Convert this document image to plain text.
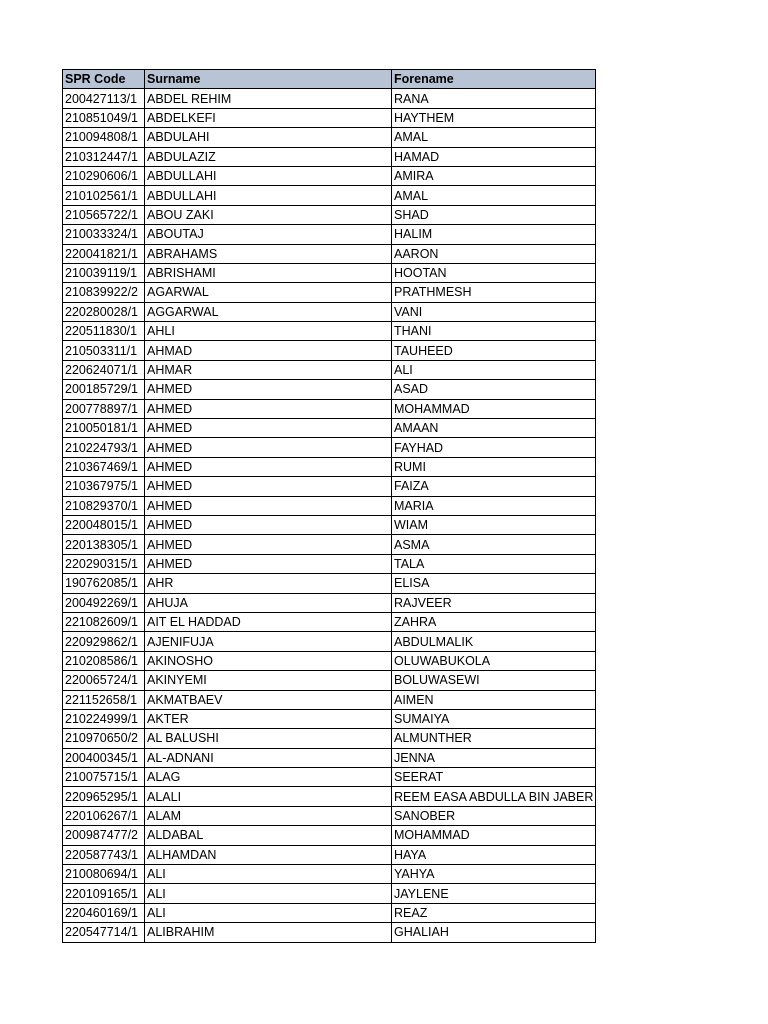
SPR Code	Surname	Forename
200427113/1	ABDEL REHIM	RANA
210851049/1	ABDELKEFI	HAYTHEM
210094808/1	ABDULAHI	AMAL
210312447/1	ABDULAZIZ	HAMAD
210290606/1	ABDULLAHI	AMIRA
210102561/1	ABDULLAHI	AMAL
210565722/1	ABOU ZAKI	SHAD
210033324/1	ABOUTAJ	HALIM
220041821/1	ABRAHAMS	AARON
210039119/1	ABRISHAMI	HOOTAN
210839922/2	AGARWAL	PRATHMESH
220280028/1	AGGARWAL	VANI
220511830/1	AHLI	THANI
210503311/1	AHMAD	TAUHEED
220624071/1	AHMAR	ALI
200185729/1	AHMED	ASAD
200778897/1	AHMED	MOHAMMAD
210050181/1	AHMED	AMAAN
210224793/1	AHMED	FAYHAD
210367469/1	AHMED	RUMI
210367975/1	AHMED	FAIZA
210829370/1	AHMED	MARIA
220048015/1	AHMED	WIAM
220138305/1	AHMED	ASMA
220290315/1	AHMED	TALA
190762085/1	AHR	ELISA
200492269/1	AHUJA	RAJVEER
221082609/1	AIT EL HADDAD	ZAHRA
220929862/1	AJENIFUJA	ABDULMALIK
210208586/1	AKINOSHO	OLUWABUKOLA
220065724/1	AKINYEMI	BOLUWASEWI
221152658/1	AKMATBAEV	AIMEN
210224999/1	AKTER	SUMAIYA
210970650/2	AL BALUSHI	ALMUNTHER
200400345/1	AL-ADNANI	JENNA
210075715/1	ALAG	SEERAT
220965295/1	ALALI	REEM EASA ABDULLA BIN JABER
220106267/1	ALAM	SANOBER
200987477/2	ALDABAL	MOHAMMAD
220587743/1	ALHAMDAN	HAYA
210080694/1	ALI	YAHYA
220109165/1	ALI	JAYLENE
220460169/1	ALI	REAZ
220547714/1	ALIBRAHIM	GHALIAH
